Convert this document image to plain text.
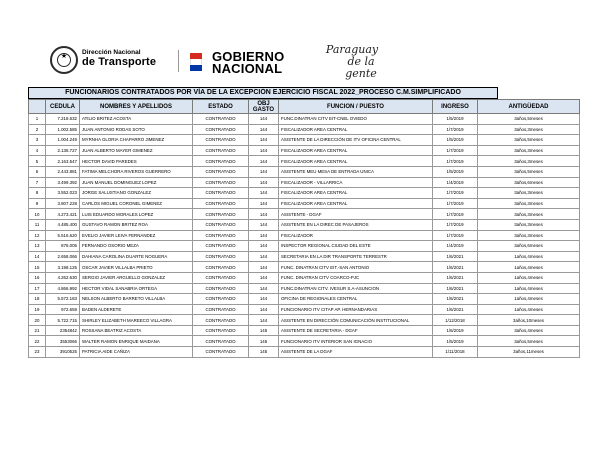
★
Dirección Nacional
de Transporte	GOBIERNO
NACIONAL
Paraguay
de la gente
FUNCIONARIOS CONTRATADOS POR VÍA DE LA EXCEPCIÓN EJERCICIO FISCAL 2022_PROCESO C.M.SIMPLIFICADO
	CEDULA	NOMBRES Y APELLIDOS	ESTADO	OBJ GASTO	FUNCION / PUESTO	INGRESO	ANTIGÜEDAD
1	7.218.632	ATILIO BRITEZ ACOSTA	CONTRATADO	144	FUNC.DINATRAN CITV EIT-CNEL OVIEDO	1/5/2019	3años,5meses
2	1.002.585	JUAN ANTONIO RODAS SOTO	CONTRATADO	144	FISCALIZADOR AREA CENTRAL	1/7/2019	3años,3meses
3	1.004.249	MYRNHA GLORIA CHAPARRO JIMENEZ	CONTRATADO	144	ASISTENTE DE LA DIRECCIÓN DE ITV OFICINA CENTRAL	1/5/2019	3años,5meses
4	2.136.727	JUAN ALBERTO MAYER GIMENEZ	CONTRATADO	144	FISCALIZADOR AREA CENTRAL	1/7/2019	3años,3meses
5	2.163.547	HECTOR DAVID PAREDES	CONTRATADO	144	FISCALIZADOR AREA CENTRAL	1/7/2019	3años,3meses
6	2.443.881	FATIMA MELCHORA RIVEROS GUERRERO	CONTRATADO	144	ASISTENTE MEU MESA DE ENTRADA UNICA	1/5/2019	3años,5meses
7	3.499.392	JUAN MANUEL DOMINGUEZ LOPEZ	CONTRATADO	144	FISCALIZADOR - VILLARRICA	1/4/2019	3años,6meses
8	3.552.023	JORGE SALUSTIANO GONZALEZ	CONTRATADO	144	FISCALIZADOR AREA CENTRAL	1/7/2019	3años,3meses
9	3.807.228	CARLOS MIGUEL CORONEL GIMENEZ	CONTRATADO	144	FISCALIZADOR AREA CENTRAL	1/7/2019	3años,3meses
10	4.273.421	LUIS EDUARDO MORALES LOPEZ	CONTRATADO	144	ASISTENTE - DGAF	1/7/2019	3años,3meses
11	4.485.400	GUSTAVO RAMON BRITEZ ROA	CONTRATADO	144	ASISTENTE EN LA DIREC DE PASAJEROS	1/7/2019	3años,3meses
12	5.516.620	EVELIO JAVIER LEIVA FERNANDEZ	CONTRATADO	144	FISCALIZADOR	1/7/2019	3años,3meses
13	876.005	FERNANDO OSORIO MEZA	CONTRATADO	144	INSPECTOR REGIONAL CIUDAD DEL ESTE	1/4/2019	3años,6meses
14	2.658.066	DAHIANA CAROLINA DUARTE NOGUERA	CONTRATADO	144	SECRETARIA EN LA DIR TRANSPORTE TERRESTR	1/6/2021	1años,4meses
15	3.198.125	OSCAR JAVIER VILLALBA PRIETO	CONTRATADO	144	FUNC. DINATRAN CITV EIT.-SAN ANTONIO	1/6/2021	1años,4meses
16	4.262.630	SERGIO JAVIER ARGUELLO GONZALEZ	CONTRATADO	144	FUNC. DINATRAN CITV COARCO-PJC	1/6/2021	1años,4meses
17	4.866.992	HECTOR VIDAL SANABRIA ORTEGA	CONTRATADO	144	FUNC.DINATRAN CITV. IVESUR S.A-ASUNCION	1/6/2021	1años,4meses
18	5.572.183	NELSON ALBERTO BARRETO VILLALBA	CONTRATADO	144	OFICINA DE REGIONALES CENTRAL	1/6/2021	1años,4meses
19	972.659	BADEN ALDERETE	CONTRATADO	144	FUNCIONARIO ITV CITAP AP. HERNANDARIAS	1/6/2021	1años,4meses
20	5.722.715	SHIRLEY ELIZABETH MAREECO VILLAGRA	CONTRATADO	144	ASISTENTE EN DIRECCIÓN COMUNICACIÓN INSTITUCIONAL	1/12/2018	3años,10meses
21	2354842	ROSSANA BEATRIZ ACOSTA	CONTRATADO	145	ASISTENTE DE SECRETARIA - DGAF	1/6/2019	3años,4meses
22	3553066	WALTER RAMON ENRIQUE MAIDANA	CONTRATADO	145	FUNCIONARIO ITV INTERIOR SAN IGNACIO	1/5/2019	3años,5meses
23	3910525	PATRICIA AIDE CAÑIZA	CONTRATADO	145	ASISTENTE DE LA DGAF	1/11/2018	3años,11meses
